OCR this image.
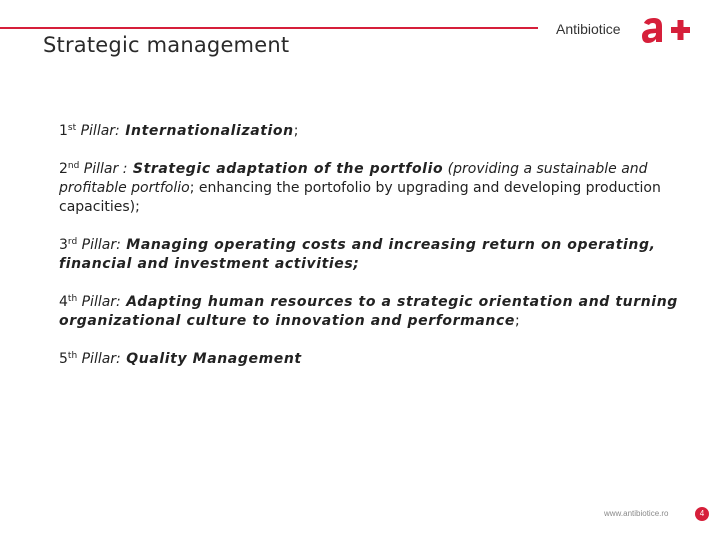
Strategic management
Antibiotice

1st Pillar: Internationalization;

2nd Pillar : Strategic adaptation of the portfolio (providing a sustainable and profitable portfolio; enhancing the portofolio by upgrading and developing production capacities);

3rd Pillar: Managing operating costs and increasing return on operating, financial and investment activities;

4th Pillar: Adapting human resources to a strategic orientation and turning organizational culture to innovation and performance;

5th Pillar: Quality Management

www.antibiotice.ro	4
